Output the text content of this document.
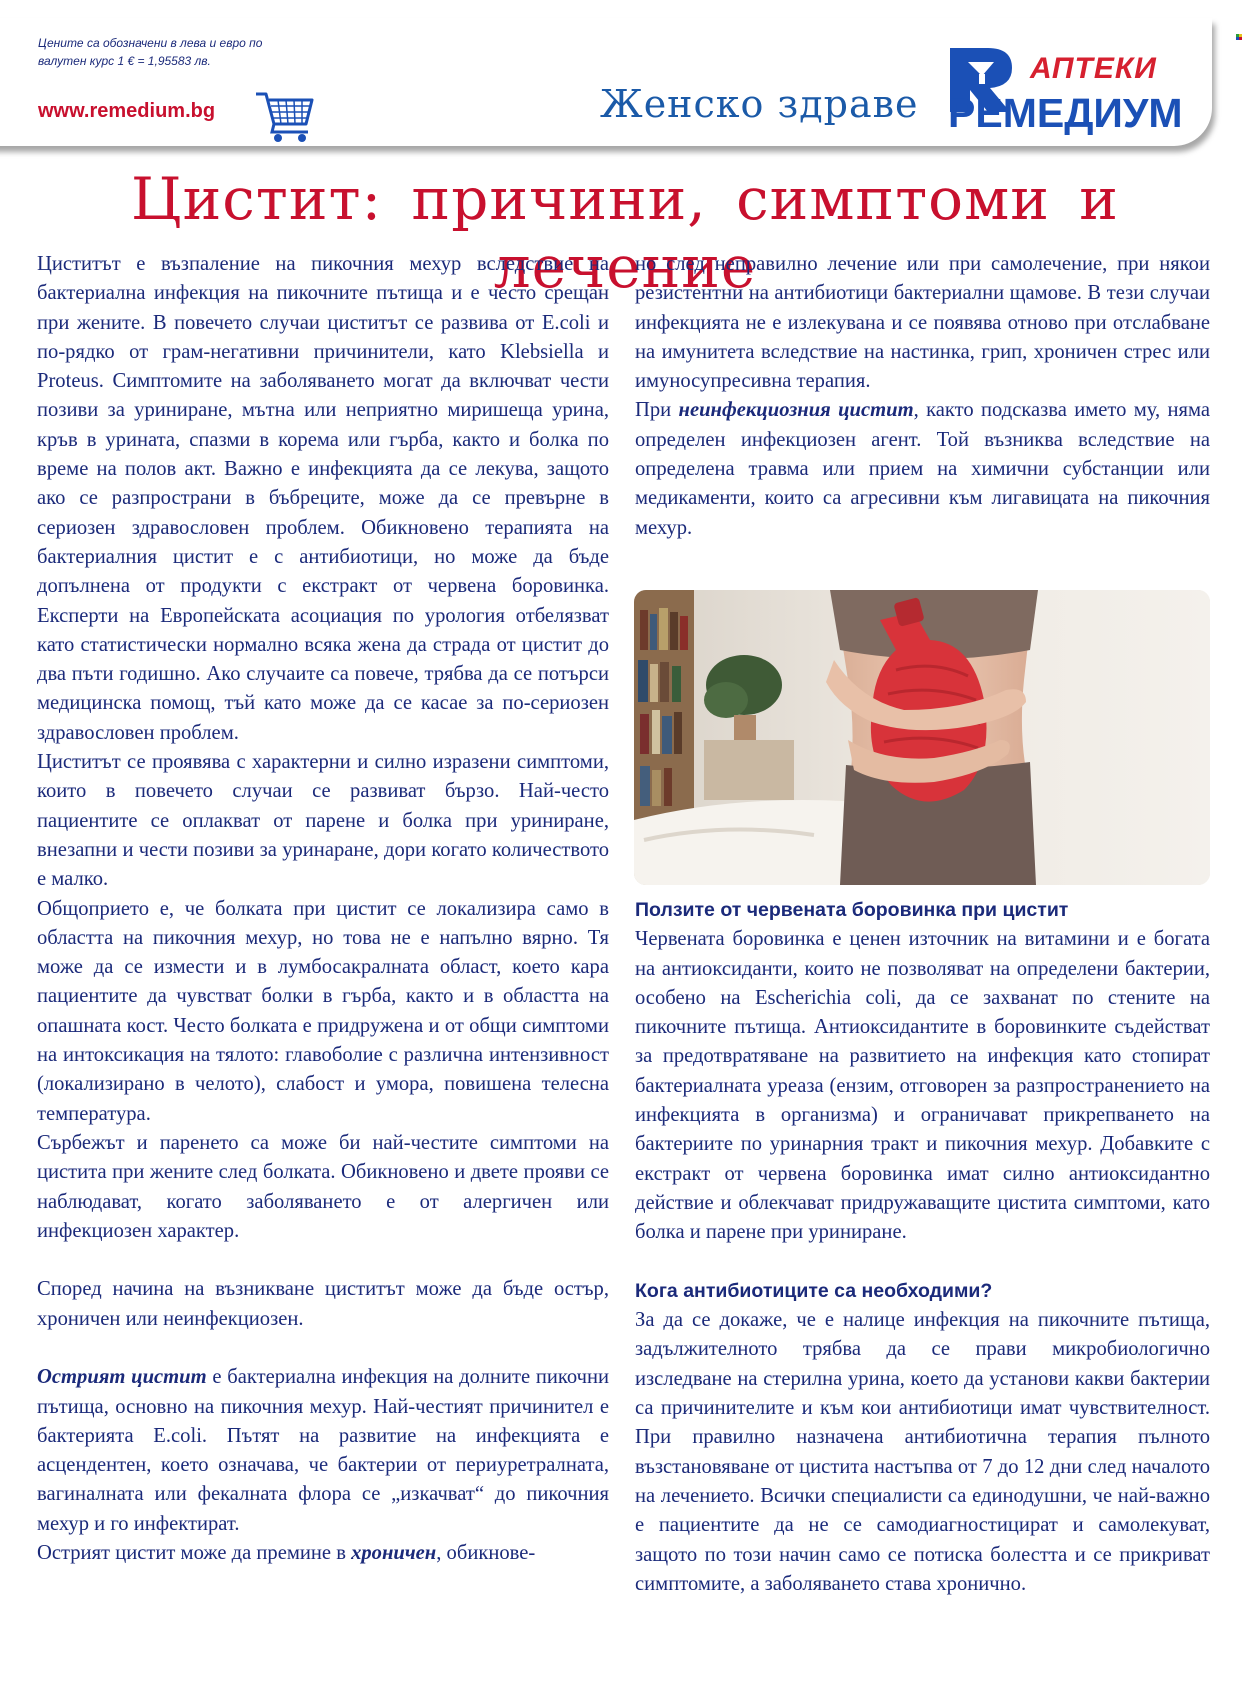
Цените са обозначени в лева и евро по валутен курс 1 € = 1,95583 лв.
www.remedium.bg	Женско здраве
АПТЕКИ
РЕМЕДИУМ
Цистит: причини, симптоми и лечение

Циститът е възпаление на пикочния мехур вследствие на бактериална инфекция на пикочните пътища и е често срещан при жените. В повечето случаи циститът се развива от E.coli и по-рядко от грам-негативни причинители, като Klebsiella и Proteus. Симптомите на заболяването могат да включват чести позиви за уриниране, мътна или неприятно миришеща урина, кръв в урината, спазми в корема или гърба, както и болка по време на полов акт. Важно е инфекцията да се лекува, защото ако се разпространи в бъбреците, може да се превърне в сериозен здравословен проблем. Обикновено терапията на бактериалния цистит е с антибиотици, но може да бъде допълнена от продукти с екстракт от червена боровинка. Експерти на Европейската асоциация по урология отбелязват като статистически нормално всяка жена да страда от цистит до два пъти годишно. Ако случаите са повече, трябва да се потърси медицинска помощ, тъй като може да се касае за по-сериозен здравословен проблем.

Циститът се проявява с характерни и силно изразени симптоми, които в повечето случаи се развиват бързо. Най-често пациентите се оплакват от парене и болка при уриниране, внезапни и чести позиви за уринаране, дори когато количеството е малко.

Общоприето е, че болката при цистит се локализира само в областта на пикочния мехур, но това не е напълно вярно. Тя може да се измести и в лумбосакралната област, което кара пациентите да чувстват болки в гърба, както и в областта на опашната кост. Често болката е придружена и от общи симптоми на интоксикация на тялото: главоболие с различна интензивност (локализирано в челото), слабост и умора, повишена телесна температура.

Сърбежът и паренето са може би най-честите симптоми на цистита при жените след болката. Обикновено и двете прояви се наблюдават, когато заболяването е от алергичен или инфекциозен характер.

Според начина на възникване циститът може да бъде остър, хроничен или неинфекциозен.

Острият цистит е бактериална инфекция на долните пикочни пътища, основно на пикочния мехур. Най-честият причинител е бактерията E.coli. Пътят на развитие на инфекцията е асцендентен, което означава, че бактерии от периуретралната, вагиналната или фекалната флора се „изкачват“ до пикочния мехур и го инфектират.

Острият цистит може да премине в хроничен, обикнове-

но след неправилно лечение или при самолечение, при някои резистентни на антибиотици бактериални щамове. В тези случаи инфекцията не е излекувана и се появява отново при отслабване на имунитета вследствие на настинка, грип, хроничен стрес или имуносупресивна терапия.

При неинфекциозния цистит, както подсказва името му, няма определен инфекциозен агент. Той възниква вследствие на определена травма или прием на химични субстанции или медикаменти, които са агресивни към лигавицата на пикочния мехур.

Ползите от червената боровинка при цистит

Червената боровинка е ценен източник на витамини и е богата на антиоксиданти, които не позволяват на определени бактерии, особено на Escherichia coli, да се захванат по стените на пикочните пътища. Антиоксидантите в боровинките съдействат за предотвратяване на развитието на инфекция като стопират бактериалната уреаза (ензим, отговорен за разпространението на инфекцията в организма) и ограничават прикрепването на бактериите по уринарния тракт и пикочния мехур. Добавките с екстракт от червена боровинка имат силно антиоксидантно действие и облекчават придружаващите цистита симптоми, като болка и парене при уриниране.

Кога антибиотиците са необходими?

За да се докаже, че е налице инфекция на пикочните пътища, задължителното трябва да се прави микробиологично изследване на стерилна урина, което да установи какви бактерии са причинителите и към кои антибиотици имат чувствителност. При правилно назначена антибиотична терапия пълното възстановяване от цистита настъпва от 7 до 12 дни след началото на лечението. Всички специалисти са единодушни, че най-важно е пациентите да не се самодиагностицират и самолекуват, защото по този начин само се потиска болестта и се прикриват симптомите, а заболяването става хронично.
